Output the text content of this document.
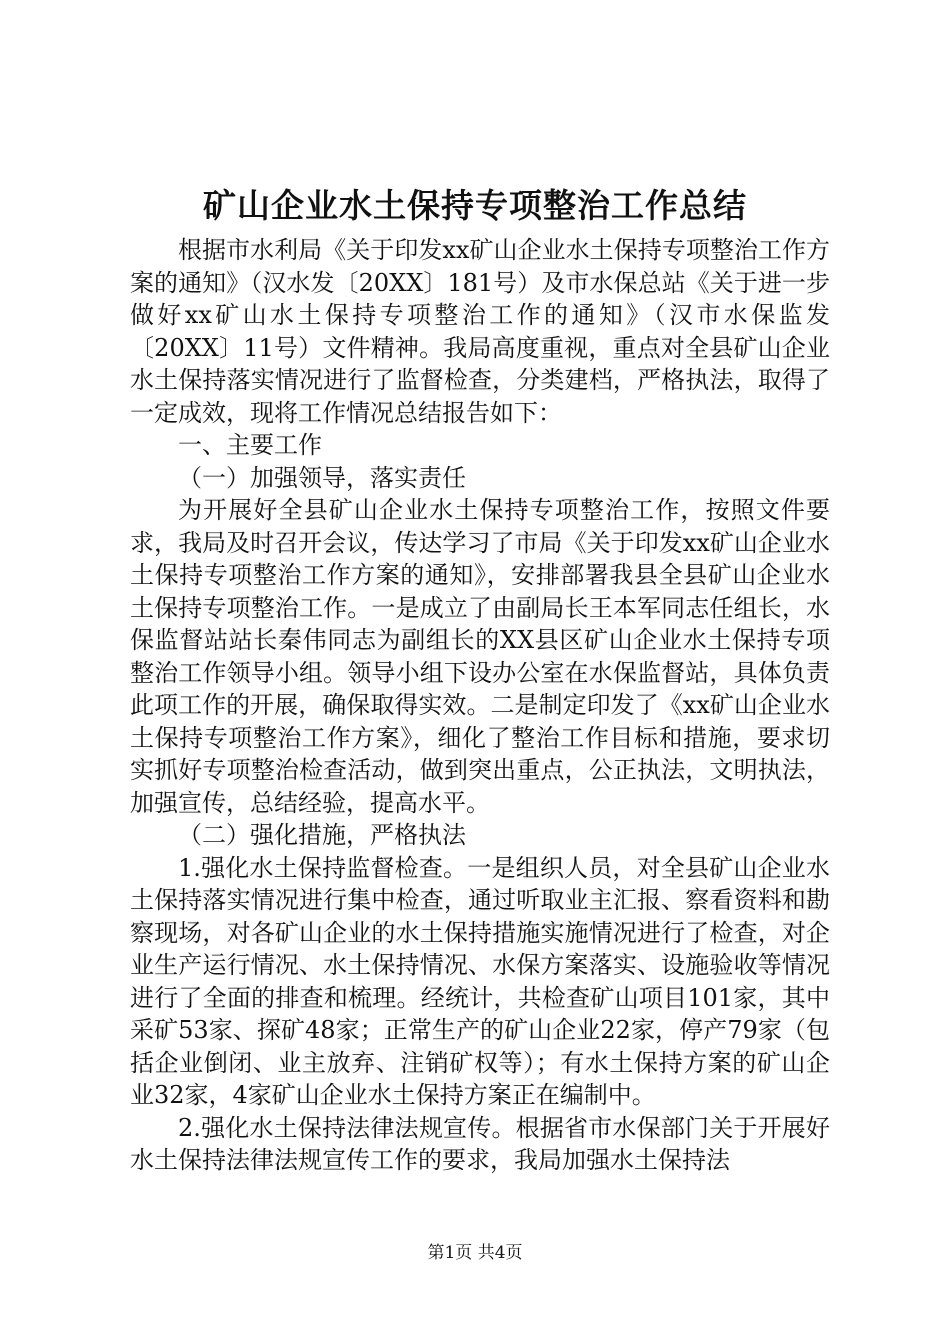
矿山企业水土保持专项整治工作总结

根据市水利局《关于印发xx矿山企业水土保持专项整治工作方案的通知》（汉水发〔20XX〕181号）及市水保总站《关于进一步做好xx矿山水土保持专项整治工作的通知》（汉市水保监发〔20XX〕11号）文件精神。我局高度重视，重点对全县矿山企业水土保持落实情况进行了监督检查，分类建档，严格执法，取得了一定成效，现将工作情况总结报告如下：

一、主要工作

（一）加强领导，落实责任

为开展好全县矿山企业水土保持专项整治工作，按照文件要求，我局及时召开会议，传达学习了市局《关于印发xx矿山企业水土保持专项整治工作方案的通知》，安排部署我县全县矿山企业水土保持专项整治工作。一是成立了由副局长王本军同志任组长，水保监督站站长秦伟同志为副组长的XX县区矿山企业水土保持专项整治工作领导小组。领导小组下设办公室在水保监督站，具体负责此项工作的开展，确保取得实效。二是制定印发了《xx矿山企业水土保持专项整治工作方案》，细化了整治工作目标和措施，要求切实抓好专项整治检查活动，做到突出重点，公正执法，文明执法，加强宣传，总结经验，提高水平。

（二）强化措施，严格执法

1.强化水土保持监督检查。一是组织人员，对全县矿山企业水土保持落实情况进行集中检查，通过听取业主汇报、察看资料和勘察现场，对各矿山企业的水土保持措施实施情况进行了检查，对企业生产运行情况、水土保持情况、水保方案落实、设施验收等情况进行了全面的排查和梳理。经统计，共检查矿山项目101家，其中采矿53家、探矿48家；正常生产的矿山企业22家，停产79家（包括企业倒闭、业主放弃、注销矿权等）；有水土保持方案的矿山企业32家，4家矿山企业水土保持方案正在编制中。

2.强化水土保持法律法规宣传。根据省市水保部门关于开展好水土保持法律法规宣传工作的要求，我局加强水土保持法

第1页 共4页
